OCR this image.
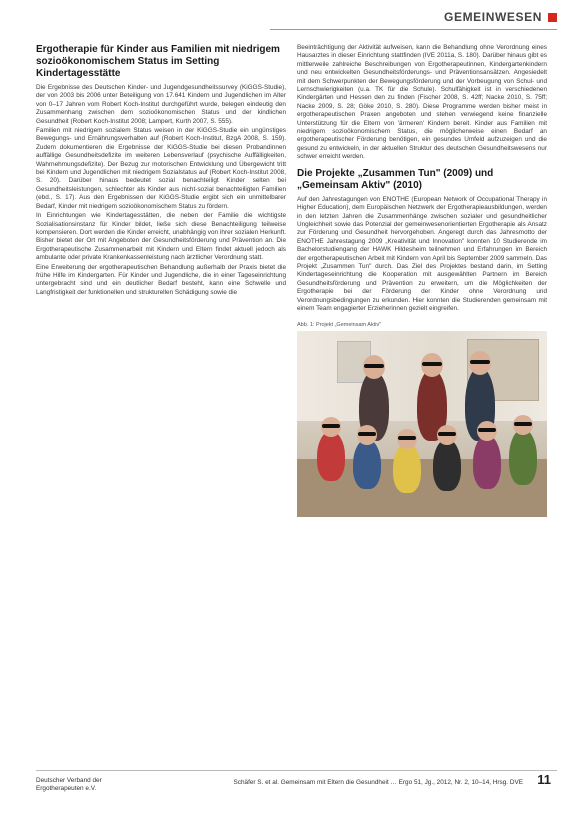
GEMEINWESEN
Ergotherapie für Kinder aus Familien mit niedrigem sozioökonomischem Status im Setting Kindertagesstätte

Die Ergebnisse des Deutschen Kinder- und Jugendgesundheitssurvey (KiGGS-Studie), der von 2003 bis 2006 unter Beteiligung von 17.641 Kindern und Jugendlichen im Alter von 0–17 Jahren vom Robert Koch-Institut durchgeführt wurde, belegen eindeutig den Zusammenhang zwischen dem sozioökonomischen Status und der kindlichen Gesundheit (Robert Koch-Institut 2008; Lampert, Kurth 2007, S. 555).

Familien mit niedrigem sozialem Status weisen in der KiGGS-Studie ein ungünstiges Bewegungs- und Ernährungsverhalten auf (Robert Koch-Institut, BzgA 2008, S. 159). Zudem dokumentieren die Ergebnisse der KiGGS-Studie bei diesen Probandinnen auffällige Gesundheitsdefizite im weiteren Lebensverlauf (psychische Auffälligkeiten, Wahrnehmungsdefizite). Der Bezug zur motorischen Entwicklung und Übergewicht tritt bei Kindern und Jugendlichen mit niedrigem Sozialstatus auf (Robert Koch-Institut 2008, S. 20). Darüber hinaus bedeutet sozial benachteiligt Kinder selten bei Gesundheitsleistungen, schlechter als Kinder aus nicht-sozial benachteiligten Familien (ebd., S. 17). Aus den Ergebnissen der KiGGS-Studie ergibt sich ein unmittelbarer Bedarf, Kinder mit niedrigem sozioökonomischem Status zu fördern.

In Einrichtungen wie Kindertagesstätten, die neben der Familie die wichtigste Sozialisationsinstanz für Kinder bildet, ließe sich diese Benachteiligung teilweise kompensieren. Dort werden die Kinder erreicht, unabhängig von ihrer sozialen Herkunft. Bisher bietet der Ort mit Angeboten der Gesundheitsförderung und Prävention an. Die Ergotherapeutische Zusammenarbeit mit Kindern und Eltern findet aktuell jedoch als ambulante oder private Krankenkassenleistung nach ärztlicher Verordnung statt.

Eine Erweiterung der ergotherapeutischen Behandlung außerhalb der Praxis bietet die frühe Hilfe im Kindergarten. Für Kinder und Jugendliche, die in einer Tageseinrichtung untergebracht sind und ein deutlicher Bedarf besteht, kann eine Schwelle und Langfristigkeit der funktionellen und strukturellen Schädigung sowie die

Beeinträchtigung der Aktivität aufweisen, kann die Behandlung ohne Verordnung eines Hausarztes in dieser Einrichtung stattfinden (IVE 2011a, S. 180). Darüber hinaus gibt es mittlerweile zahlreiche Beschreibungen von Ergotherapeutinnen, Kindergartenkindern und neu entwickelten Gesundheitsförderungs- und Präventionsansätzen. Angesiedelt mit dem Schwerpunkten der Bewegungsförderung und der Vorbeugung von Schul- und Lernschwierigkeiten (u.a. TK für die Schule). Schulfähigkeit ist in verschiedenen Kindergärten und Hessen den zu finden (Fischer 2008, S. 42ff; Nacke 2010, S. 75ff; Nacke 2009, S. 28; Göke 2010, S. 280). Diese Programme werden bisher meist in ergotherapeutischen Praxen angeboten und stehen verwiegend keine finanzielle Unterstützung für die Eltern von 'ärmeren' Kindern bereit. Kinder aus Familien mit niedrigem sozioökonomischem Status, die möglicherweise einen Bedarf an ergotherapeutischer Förderung benötigen, ein gesundes Umfeld aufzuzeigen und die gesund zu entwickeln, in der aktuellen Struktur des deutschen Gesundheitswesens nur schwer erreicht werden.

Die Projekte „Zusammen Tun" (2009) und „Gemeinsam Aktiv" (2010)

Auf den Jahrestagungen von ENOTHE (European Network of Occupational Therapy in Higher Education), dem Europäischen Netzwerk der Ergotherapieausbildungen, werden in den letzten Jahren die Zusammenhänge zwischen sozialer und gesundheitlicher Ungleichheit sowie das Potenzial der gemeinwesenorientierten Ergotherapie als Ansatz zur Förderung und Gesundheit hervorgehoben. Angeregt durch das Jahresmotto der ENOTHE Jahrestagung 2009 „Kreativität und Innovation" konnten 10 Studierende im Bachelorstudiengang der HAWK Hildesheim teilnehmen und Erfahrungen im Bereich der ergotherapeutischen Arbeit mit Kindern von April bis September 2009 sammeln. Das Projekt „Zusammen Tun" durch. Das Ziel des Projektes bestand darin, im Setting Kindertageseinrichtung die Kooperation mit ausgewählten Partnern im Bereich Gesundheitsförderung und Prävention zu erweitern, um die Möglichkeiten der Ergotherapie bei der Förderung der Kinder ohne Verordnung und Verordnungsbedingungen zu erkunden. Hier konnten die Studierenden gemeinsam mit einem Team engagierter Erzieherinnen gezielt eingreifen.

Abb. 1: Projekt „Gemeinsam Aktiv"
Deutscher Verband der
Ergotherapeuten e.V.
Schäfer S. et al. Gemeinsam mit Eltern die Gesundheit … Ergo 51, Jg., 2012, Nr. 2, 10–14, Hrsg. DVE 11
